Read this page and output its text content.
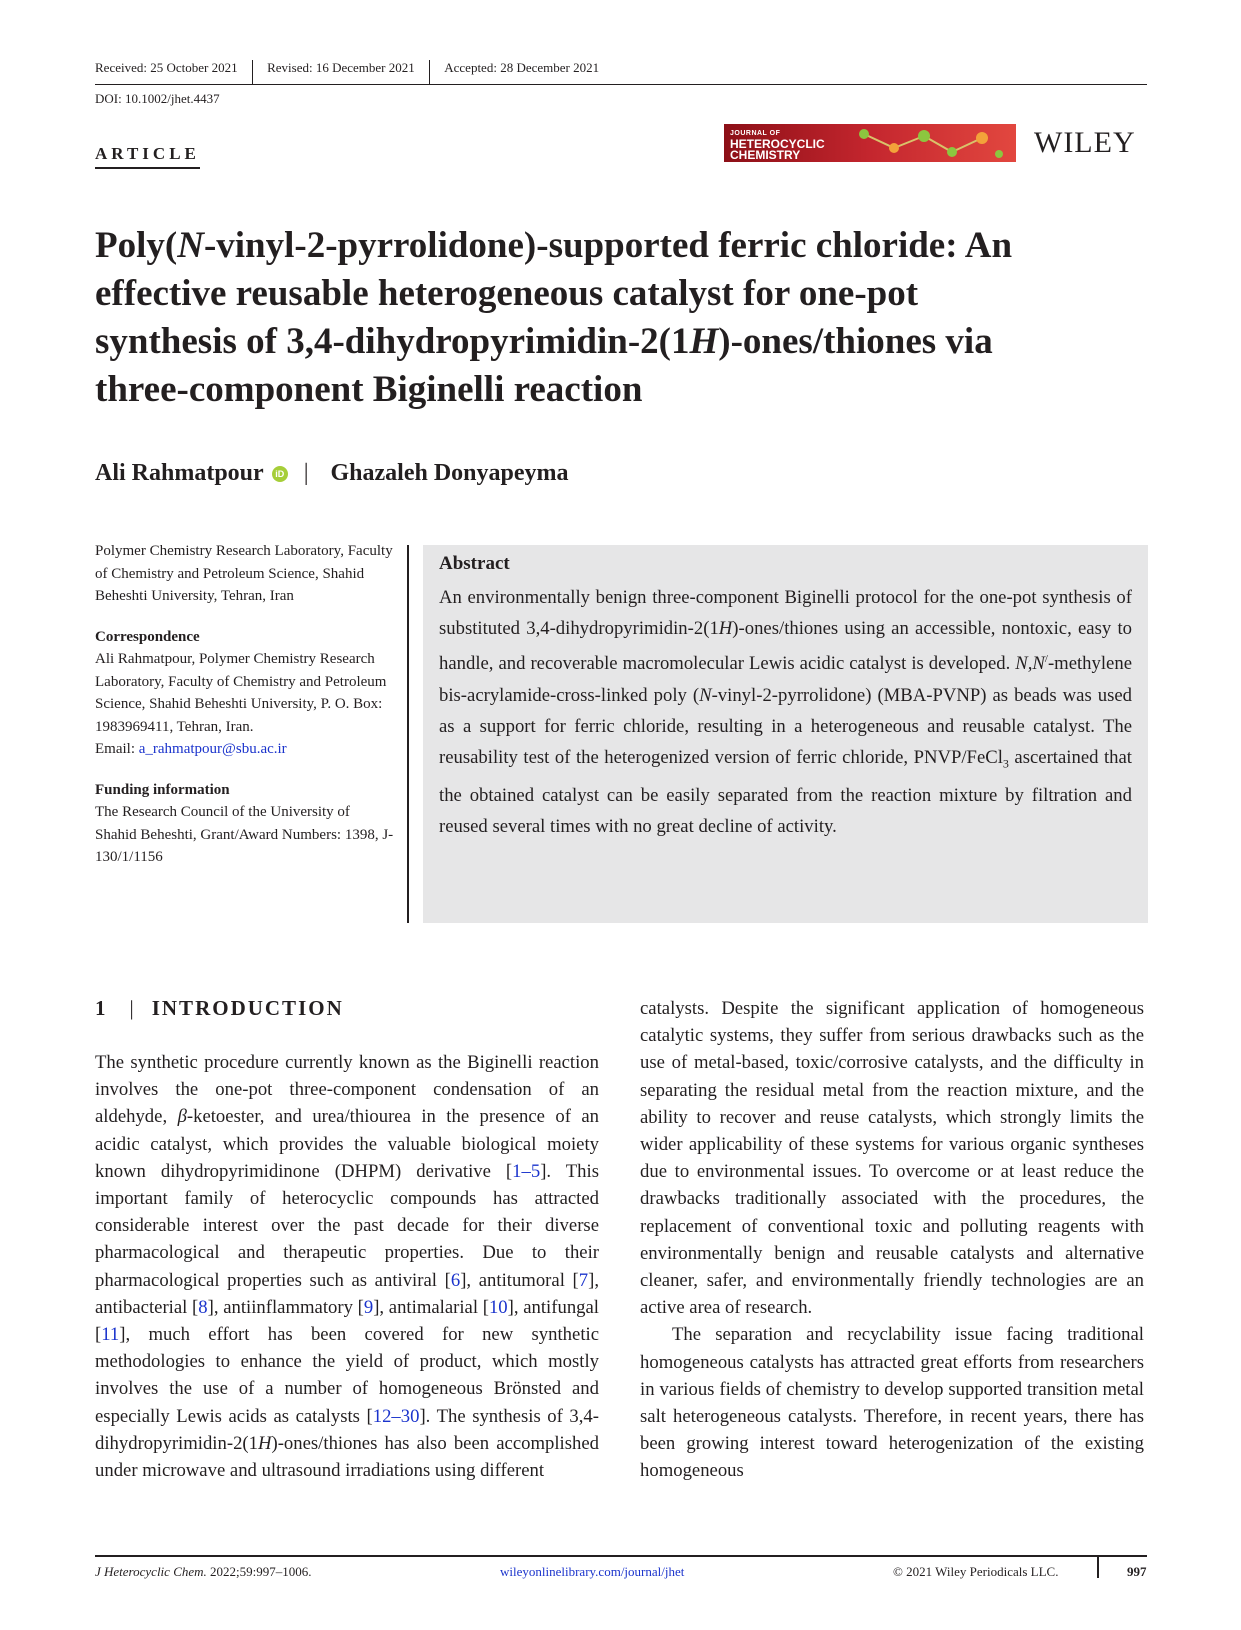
Received: 25 October 2021	Revised: 16 December 2021	Accepted: 28 December 2021
DOI: 10.1002/jhet.4437
ARTICLE
JOURNAL OF
HETEROCYCLIC
CHEMISTRY	WILEY
Poly(N-vinyl-2-pyrrolidone)-supported ferric chloride: An
effective reusable heterogeneous catalyst for one-pot
synthesis of 3,4-dihydropyrimidin-2(1H)-ones/thiones via
three-component Biginelli reaction
Ali Rahmatpour	iD | Ghazaleh Donyapeyma
Polymer Chemistry Research Laboratory, Faculty of Chemistry and Petroleum Science, Shahid Beheshti University, Tehran, Iran
Correspondence
Ali Rahmatpour, Polymer Chemistry Research Laboratory, Faculty of Chemistry and Petroleum Science, Shahid Beheshti University, P. O. Box: 1983969411, Tehran, Iran.
Email: a_rahmatpour@sbu.ac.ir
Funding information
The Research Council of the University of Shahid Beheshti, Grant/Award Numbers: 1398, J-130/1/1156
Abstract
An environmentally benign three-component Biginelli protocol for the one-pot synthesis of substituted 3,4-dihydropyrimidin-2(1H)-ones/thiones using an accessible, nontoxic, easy to handle, and recoverable macromolecular Lewis acidic catalyst is developed. N,N/-methylene bis-acrylamide-cross-linked poly (N-vinyl-2-pyrrolidone) (MBA-PVNP) as beads was used as a support for ferric chloride, resulting in a heterogeneous and reusable catalyst. The reusability test of the heterogenized version of ferric chloride, PNVP/FeCl$_3$ ascertained that the obtained catalyst can be easily separated from the reaction mixture by filtration and reused several times with no great decline of activity.
1 | INTRODUCTION

The synthetic procedure currently known as the Biginelli reaction involves the one-pot three-component condensation of an aldehyde, β-ketoester, and urea/thiourea in the presence of an acidic catalyst, which provides the valuable biological moiety known dihydropyrimidinone (DHPM) derivative [1–5]. This important family of heterocyclic compounds has attracted considerable interest over the past decade for their diverse pharmacological and therapeutic properties. Due to their pharmacological properties such as antiviral [6], antitumoral [7], antibacterial [8], antiinflammatory [9], antimalarial [10], antifungal [11], much effort has been covered for new synthetic methodologies to enhance the yield of product, which mostly involves the use of a number of homogeneous Brönsted and especially Lewis acids as catalysts [12–30]. The synthesis of 3,4-dihydropyrimidin-2(1H)-ones/thiones has also been accomplished under microwave and ultrasound irradiations using different

catalysts. Despite the significant application of homogeneous catalytic systems, they suffer from serious drawbacks such as the use of metal-based, toxic/corrosive catalysts, and the difficulty in separating the residual metal from the reaction mixture, and the ability to recover and reuse catalysts, which strongly limits the wider applicability of these systems for various organic syntheses due to environmental issues. To overcome or at least reduce the drawbacks traditionally associated with the procedures, the replacement of conventional toxic and polluting reagents with environmentally benign and reusable catalysts and alternative cleaner, safer, and environmentally friendly technologies are an active area of research.

The separation and recyclability issue facing traditional homogeneous catalysts has attracted great efforts from researchers in various fields of chemistry to develop supported transition metal salt heterogeneous catalysts. Therefore, in recent years, there has been growing interest toward heterogenization of the existing homogeneous

J Heterocyclic Chem. 2022;59:997–1006.	wileyonlinelibrary.com/journal/jhet	© 2021 Wiley Periodicals LLC.	997
